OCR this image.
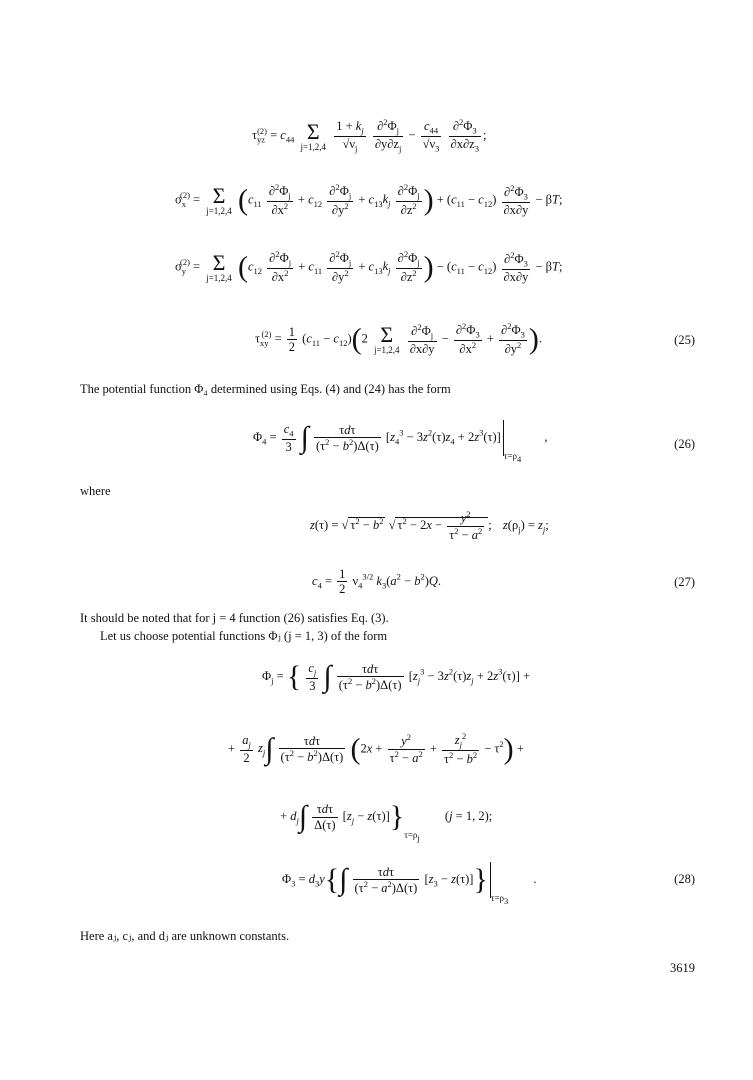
$\tau_{yz}^{(2)} = c_{44}$ Σ
j=1,2,4
$\frac{1 + k_j}{√\nu_j}$
$\frac{\partial^2\Phi_j}{\partial y\partial z_j} - \frac{c_{44}}{√\nu_3}$
$\frac{\partial^2\Phi_3}{\partial x\partial z_3}$ ;
$\sigma_x^{(2)} = \Sigma$
j=1,2,4 ($c_{11} \frac{\partial^2\Phi_j}{\partial x^2} + c_{12} \frac{\partial^2\Phi_j}{\partial y^2} + c_{13}k_j \frac{\partial^2\Phi_j}{\partial z^2}$ ) + $(c_{11} - c_{12}) \frac{\partial^2\Phi_3}{\partial x\partial y} - \beta T$;
$\sigma_y^{(2)} = \Sigma$
j=1,2,4 ($c_{12} \frac{\partial^2\Phi_j}{\partial x^2} + c_{11} \frac{\partial^2\Phi_j}{\partial y^2} + c_{13}k_j \frac{\partial^2\Phi_j}{\partial z^2}$ ) − $(c_{11} - c_{12}) \frac{\partial^2\Phi_3}{\partial x\partial y} - \beta T$;
$\tau_{xy}^{(2)} = \frac{1}{2} (c_{11} - c_{12})(2$ Σ
j=1,2,4
$\frac{\partial^2\Phi_j}{\partial x\partial y} - \frac{\partial^2\Phi_3}{\partial x^2} + \frac{\partial^2\Phi_3}{\partial y^2}$ ).	(25)
The potential function Φ₄ determined using Eqs. (4) and (24) has the form
$\Phi_4 = \frac{c_4}{3}$ ∫ $\frac{\text{τdτ}}{(\tau^2 - b^2)\Delta(\tau)} [z_4^3 - 3z^2(\tau)z_4 + 2z^3(\tau)]_{\tau=\rho_4}$ ,
(26)
where
z(τ) = √ $\tau^2 - b^2$ √ $\tau^2 - 2x - \frac{y^2}{\tau^2 - a^2}$ ; $z(\rho_j) = z_j$;
$c_4 = \frac{1}{2} \nu_4^{3/2}$ $k_3(a^2 - b^2)Q$.	(27)
It should be noted that for j = 4 function (26) satisfies Eq. (3).
Let us choose potential functions Φⱼ (j = 1, 3) of the form
$\Phi_j$ = { $\frac{c_j}{3}$ ∫ $\frac{\text{τdτ}}{(\tau^2 - b^2)\Delta(\tau)} [z_j^3 - 3z^2(\tau)z_j + 2z^3(\tau)]$ +
+ $\frac{a_j}{2} z_j\int \frac{\text{τdτ}}{(\tau^2 - b^2)\Delta(\tau)} (2x + \frac{y^2}{\tau^2 - a^2} + \frac{z_j^2}{\tau^2 - b^2} - \tau^2)$ +
+ $d_j\int \frac{\text{τdτ}}{\Delta(\tau)} [z_j - z(\tau)]\}_{\tau=\rho_j}$ (j = 1, 2);
$\Phi_3 = d_3y\{\int \frac{\text{τdτ}}{(\tau^2 - a^2)\Delta(\tau)} [z_3 - z(\tau)]\}_{\tau=\rho_3}$ .	(28)
Here aⱼ, cⱼ, and dⱼ are unknown constants.
3619
